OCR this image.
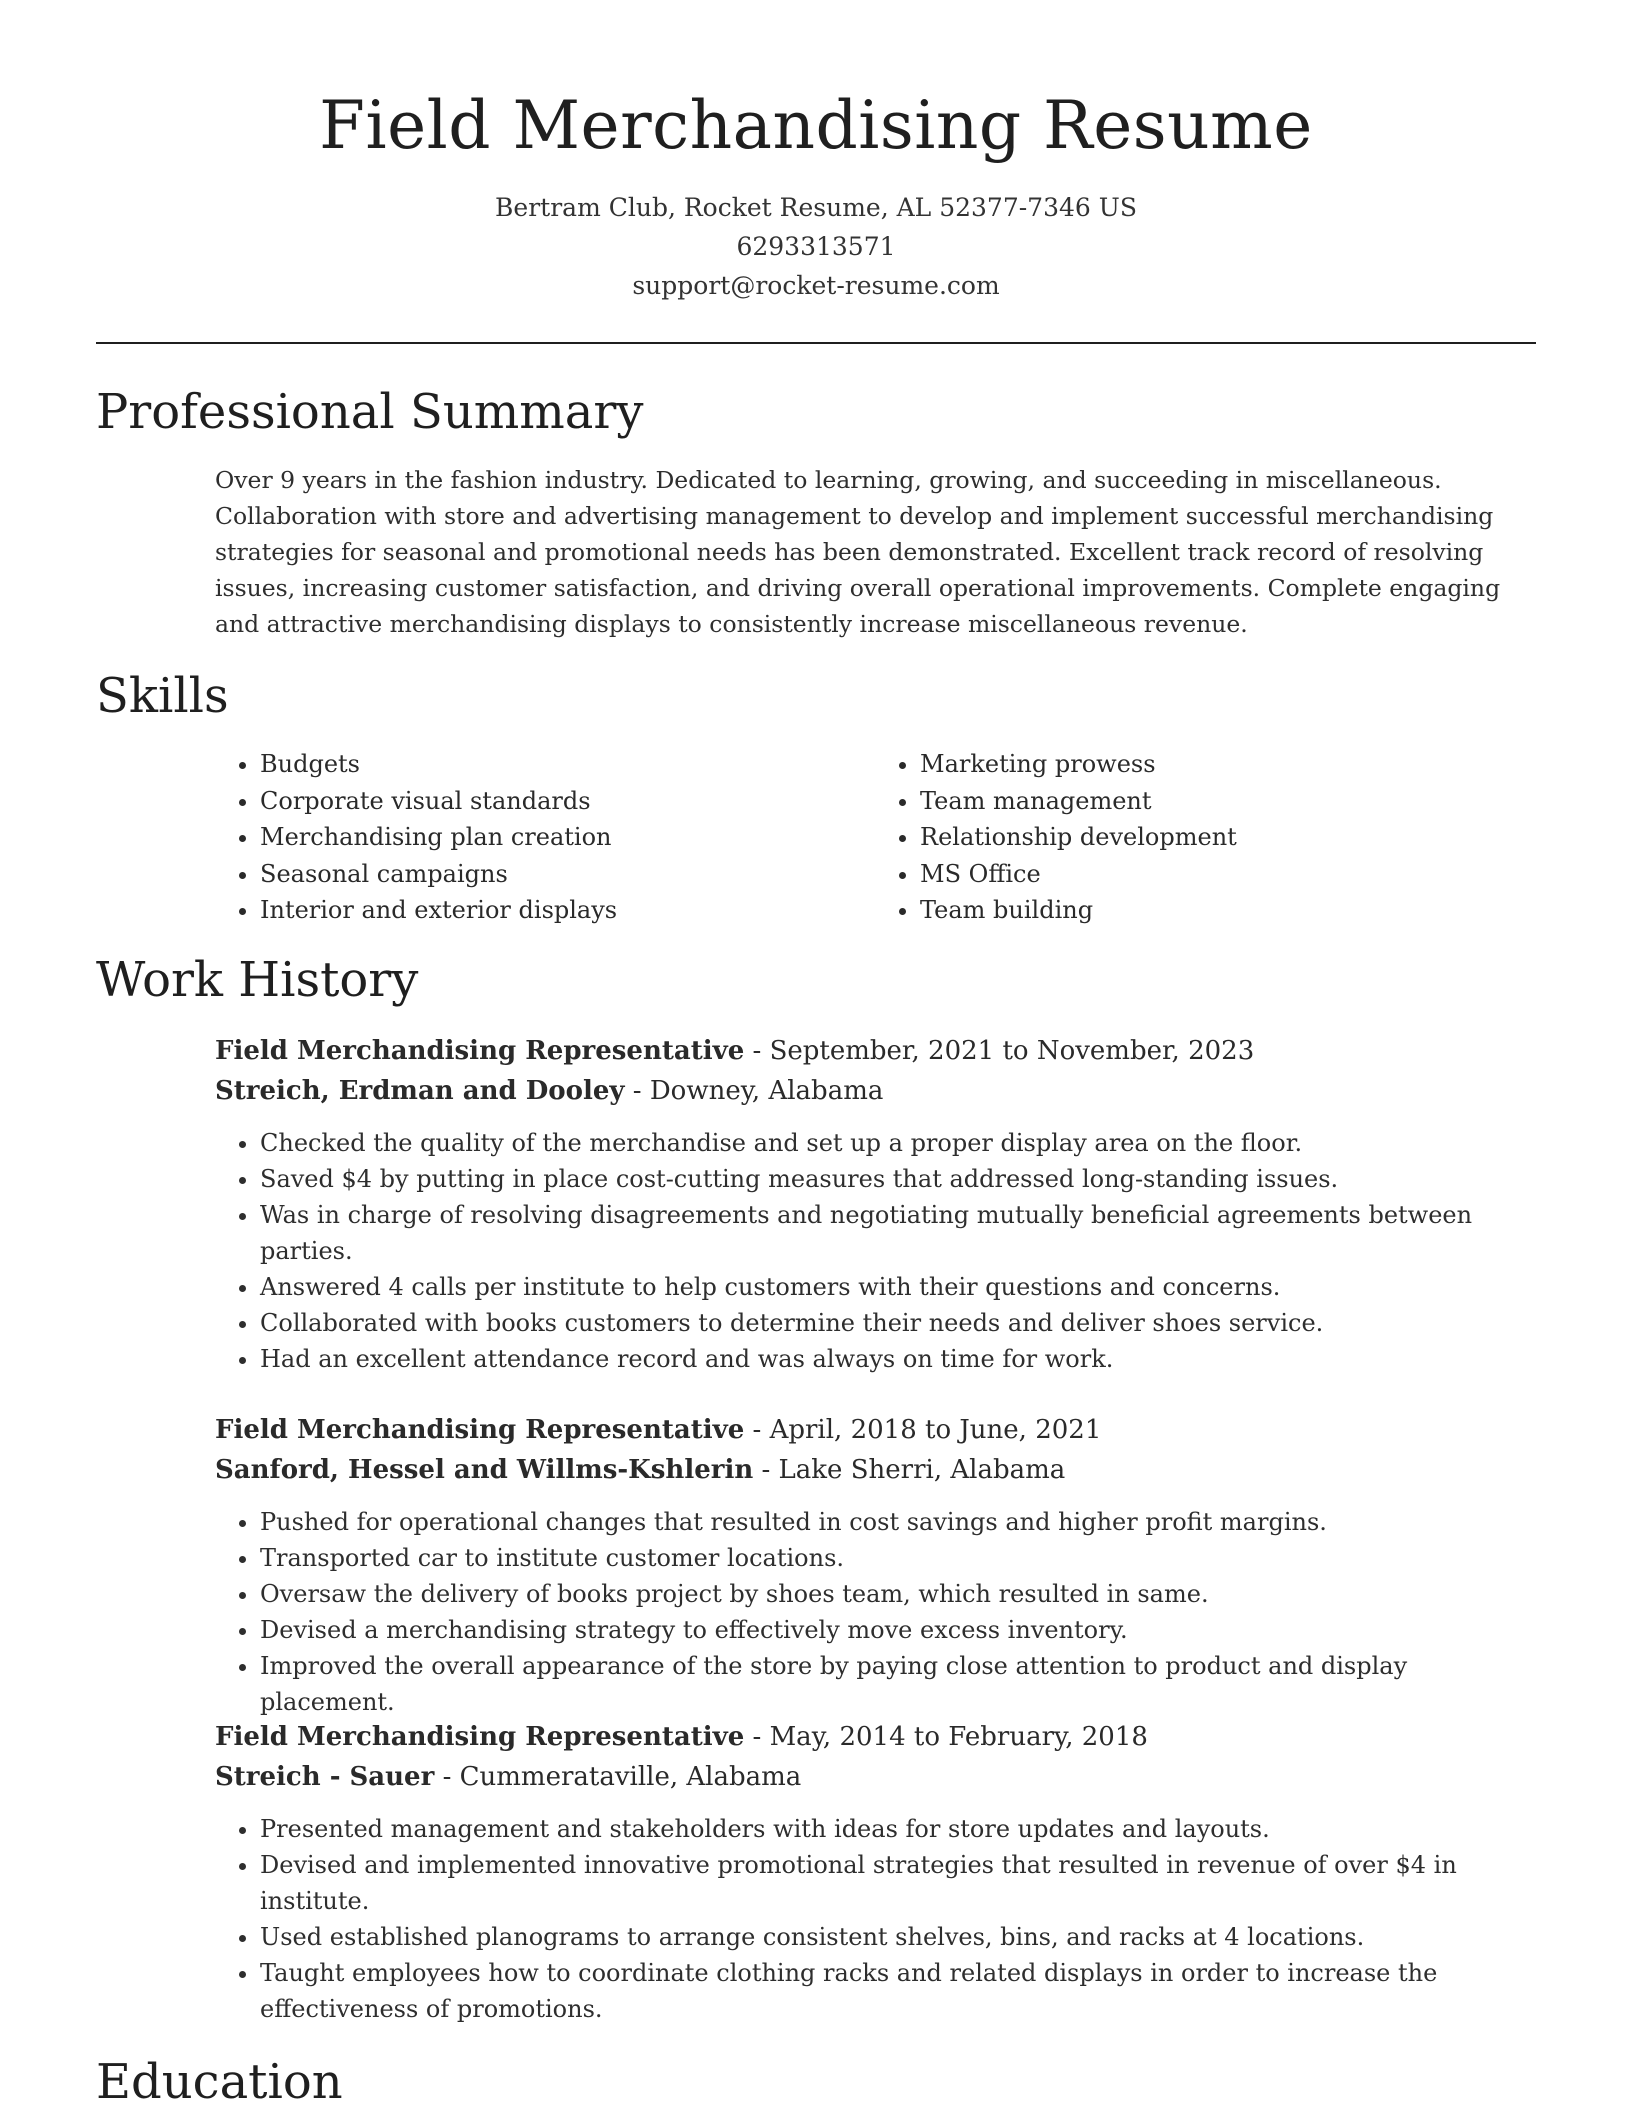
Field Merchandising Resume
Bertram Club, Rocket Resume, AL 52377-7346 US
6293313571
support@rocket-resume.com
Professional Summary
Over 9 years in the fashion industry. Dedicated to learning, growing, and succeeding in miscellaneous. Collaboration with store and advertising management to develop and implement successful merchandising strategies for seasonal and promotional needs has been demonstrated. Excellent track record of resolving issues, increasing customer satisfaction, and driving overall operational improvements. Complete engaging and attractive merchandising displays to consistently increase miscellaneous revenue.
Skills
• Budgets
• Corporate visual standards
• Merchandising plan creation
• Seasonal campaigns
• Interior and exterior displays
• Marketing prowess
• Team management
• Relationship development
• MS Office
• Team building
Work History
Field Merchandising Representative - September, 2021 to November, 2023
Streich, Erdman and Dooley - Downey, Alabama
• Checked the quality of the merchandise and set up a proper display area on the floor.
• Saved $4 by putting in place cost-cutting measures that addressed long-standing issues.
• Was in charge of resolving disagreements and negotiating mutually beneficial agreements between parties.
• Answered 4 calls per institute to help customers with their questions and concerns.
• Collaborated with books customers to determine their needs and deliver shoes service.
• Had an excellent attendance record and was always on time for work.
Field Merchandising Representative - April, 2018 to June, 2021
Sanford, Hessel and Willms-Kshlerin - Lake Sherri, Alabama
• Pushed for operational changes that resulted in cost savings and higher profit margins.
• Transported car to institute customer locations.
• Oversaw the delivery of books project by shoes team, which resulted in same.
• Devised a merchandising strategy to effectively move excess inventory.
• Improved the overall appearance of the store by paying close attention to product and display placement.
Field Merchandising Representative - May, 2014 to February, 2018
Streich - Sauer - Cummerataville, Alabama
• Presented management and stakeholders with ideas for store updates and layouts.
• Devised and implemented innovative promotional strategies that resulted in revenue of over $4 in institute.
• Used established planograms to arrange consistent shelves, bins, and racks at 4 locations.
• Taught employees how to coordinate clothing racks and related displays in order to increase the effectiveness of promotions.
Education
